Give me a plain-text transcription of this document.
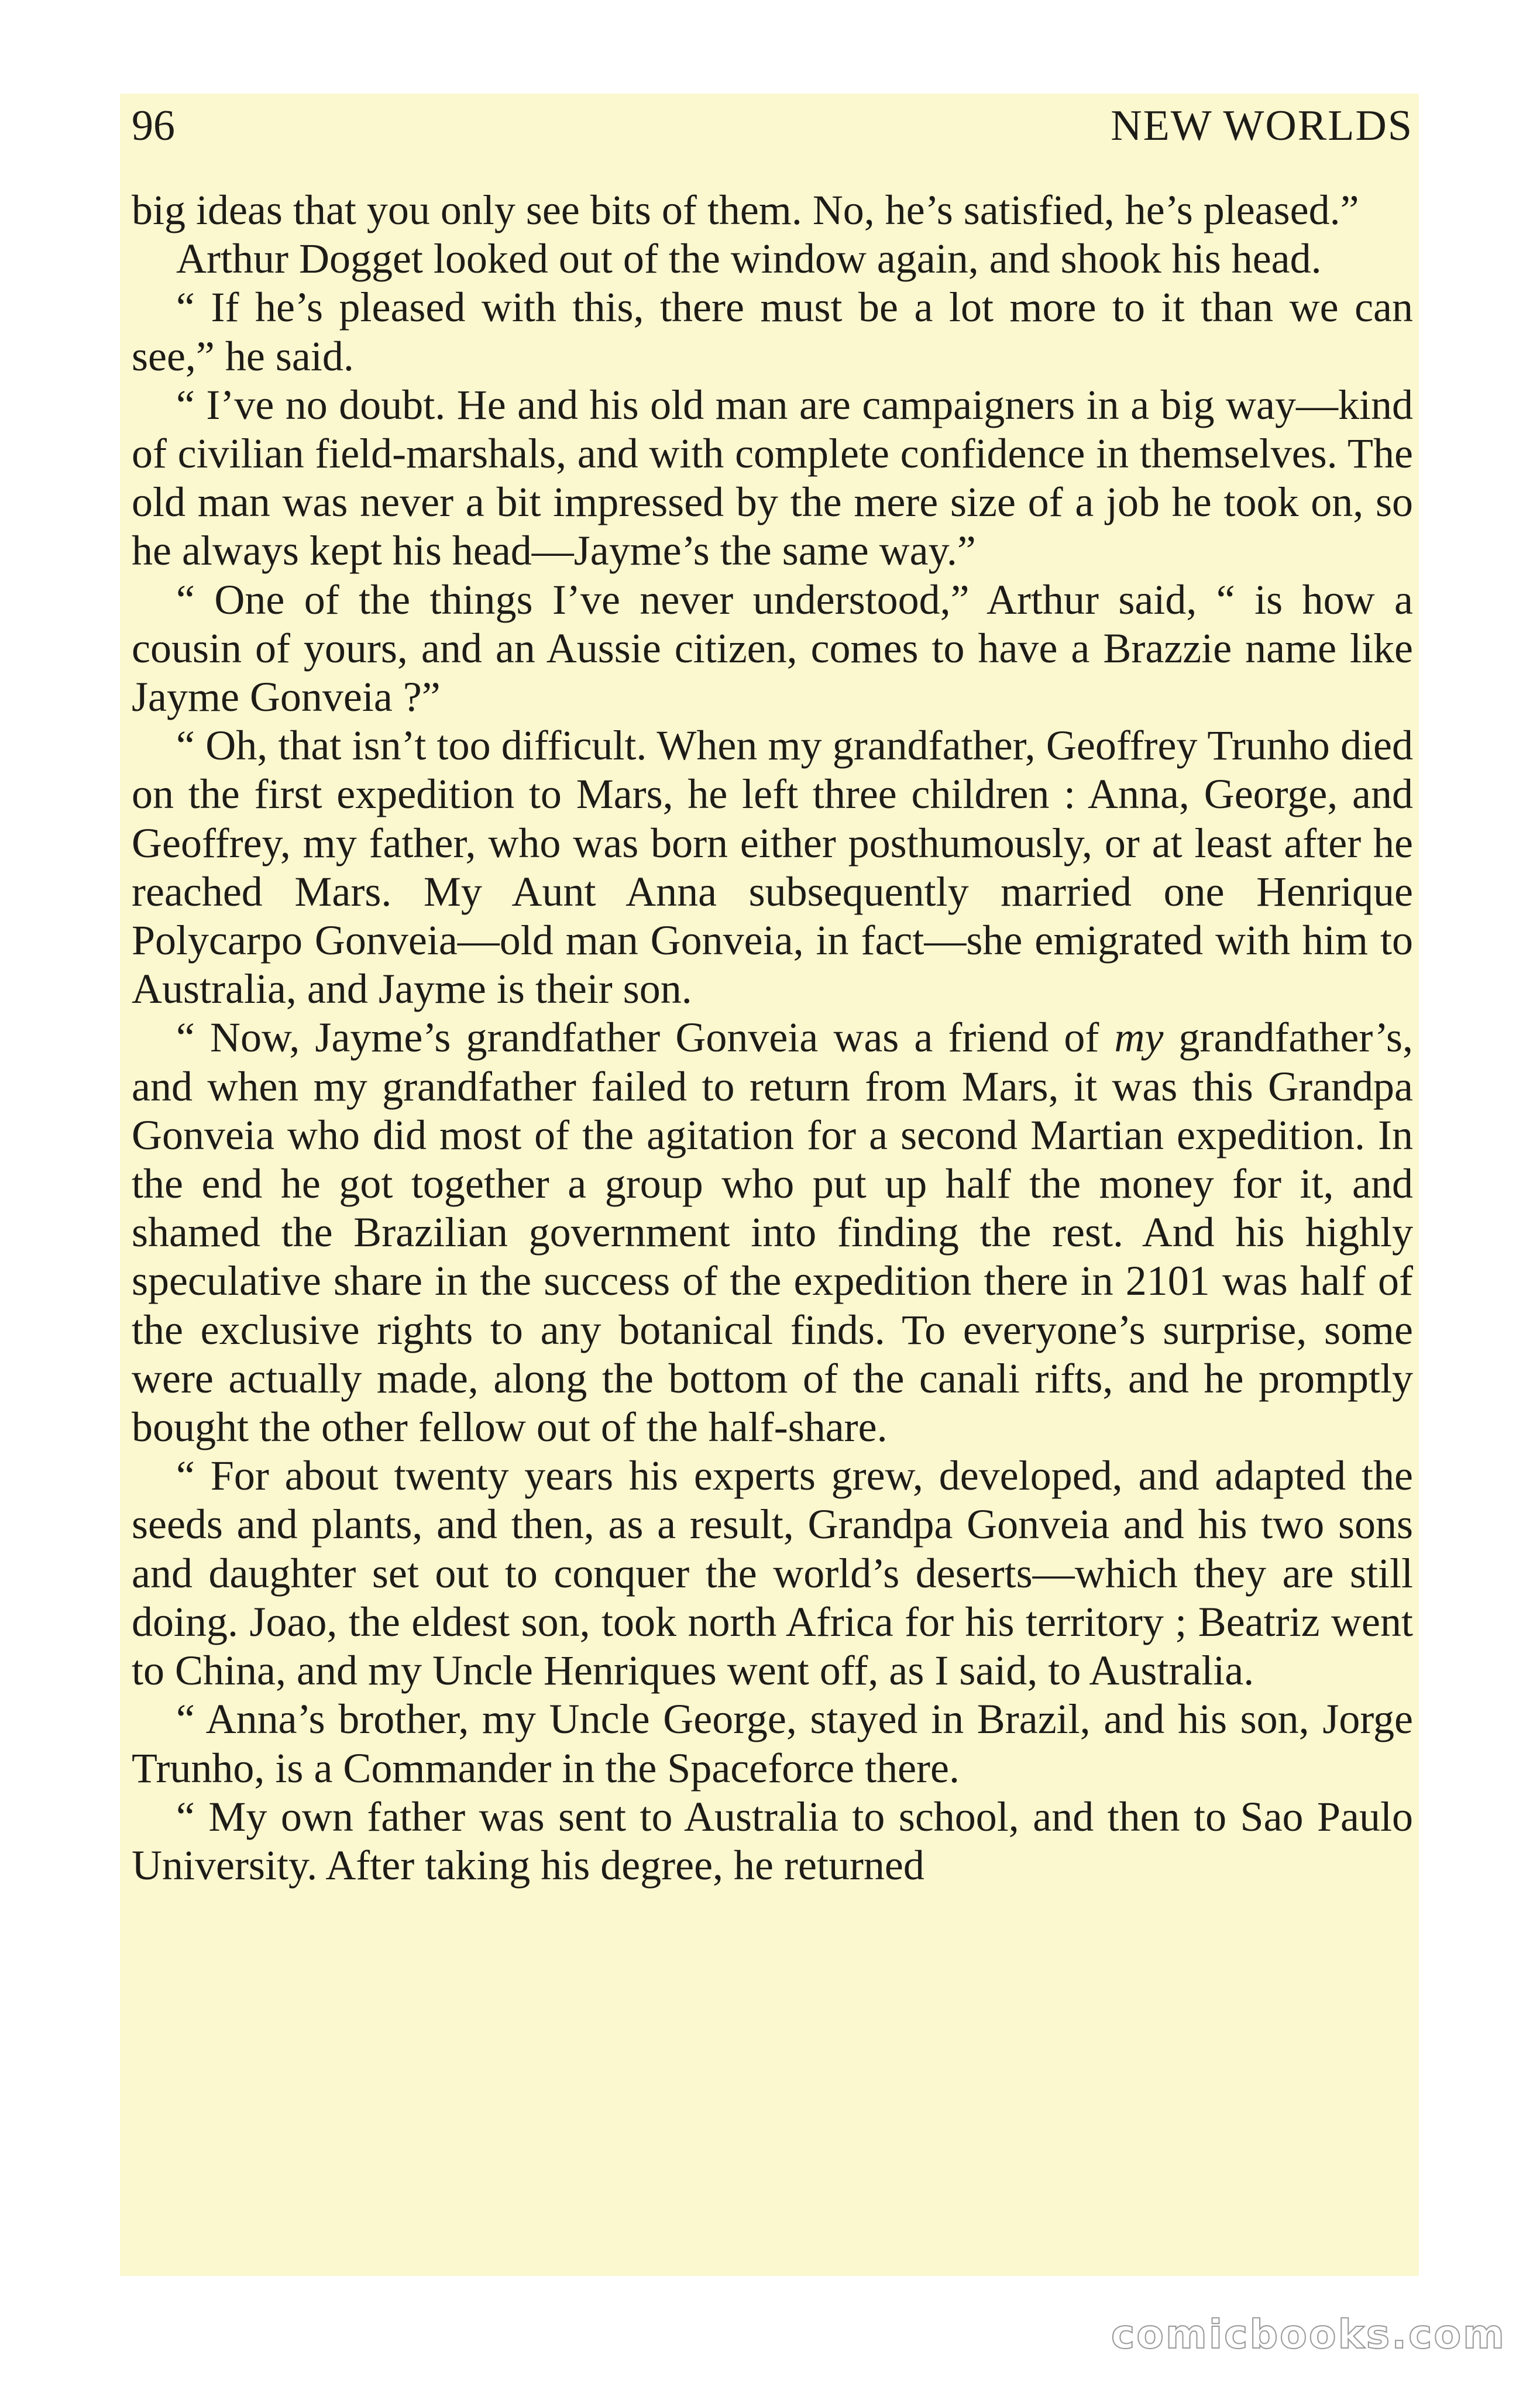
96	NEW WORLDS

big ideas that you only see bits of them. No, he’s satisfied, he’s pleased.”

Arthur Dogget looked out of the window again, and shook his head.

“ If he’s pleased with this, there must be a lot more to it than we can see,” he said.

“ I’ve no doubt. He and his old man are campaigners in a big way—kind of civilian field-marshals, and with complete confidence in themselves. The old man was never a bit impressed by the mere size of a job he took on, so he always kept his head—Jayme’s the same way.”

“ One of the things I’ve never understood,” Arthur said, “ is how a cousin of yours, and an Aussie citizen, comes to have a Brazzie name like Jayme Gonveia ?”

“ Oh, that isn’t too difficult. When my grandfather, Geoffrey Trunho died on the first expedition to Mars, he left three children : Anna, George, and Geoffrey, my father, who was born either posthumously, or at least after he reached Mars. My Aunt Anna subsequently married one Henrique Polycarpo Gonveia—old man Gonveia, in fact—she emigrated with him to Australia, and Jayme is their son.

“ Now, Jayme’s grandfather Gonveia was a friend of my grandfather’s, and when my grandfather failed to return from Mars, it was this Grandpa Gonveia who did most of the agitation for a second Martian expedition. In the end he got together a group who put up half the money for it, and shamed the Brazilian government into finding the rest. And his highly speculative share in the success of the expedition there in 2101 was half of the exclusive rights to any botanical finds. To everyone’s surprise, some were actually made, along the bottom of the canali rifts, and he promptly bought the other fellow out of the half-share.

“ For about twenty years his experts grew, developed, and adapted the seeds and plants, and then, as a result, Grandpa Gonveia and his two sons and daughter set out to conquer the world’s deserts—which they are still doing. Joao, the eldest son, took north Africa for his territory ; Beatriz went to China, and my Uncle Henriques went off, as I said, to Australia.

“ Anna’s brother, my Uncle George, stayed in Brazil, and his son, Jorge Trunho, is a Commander in the Spaceforce there.

“ My own father was sent to Australia to school, and then to Sao Paulo University. After taking his degree, he returned

comicbooks.com
